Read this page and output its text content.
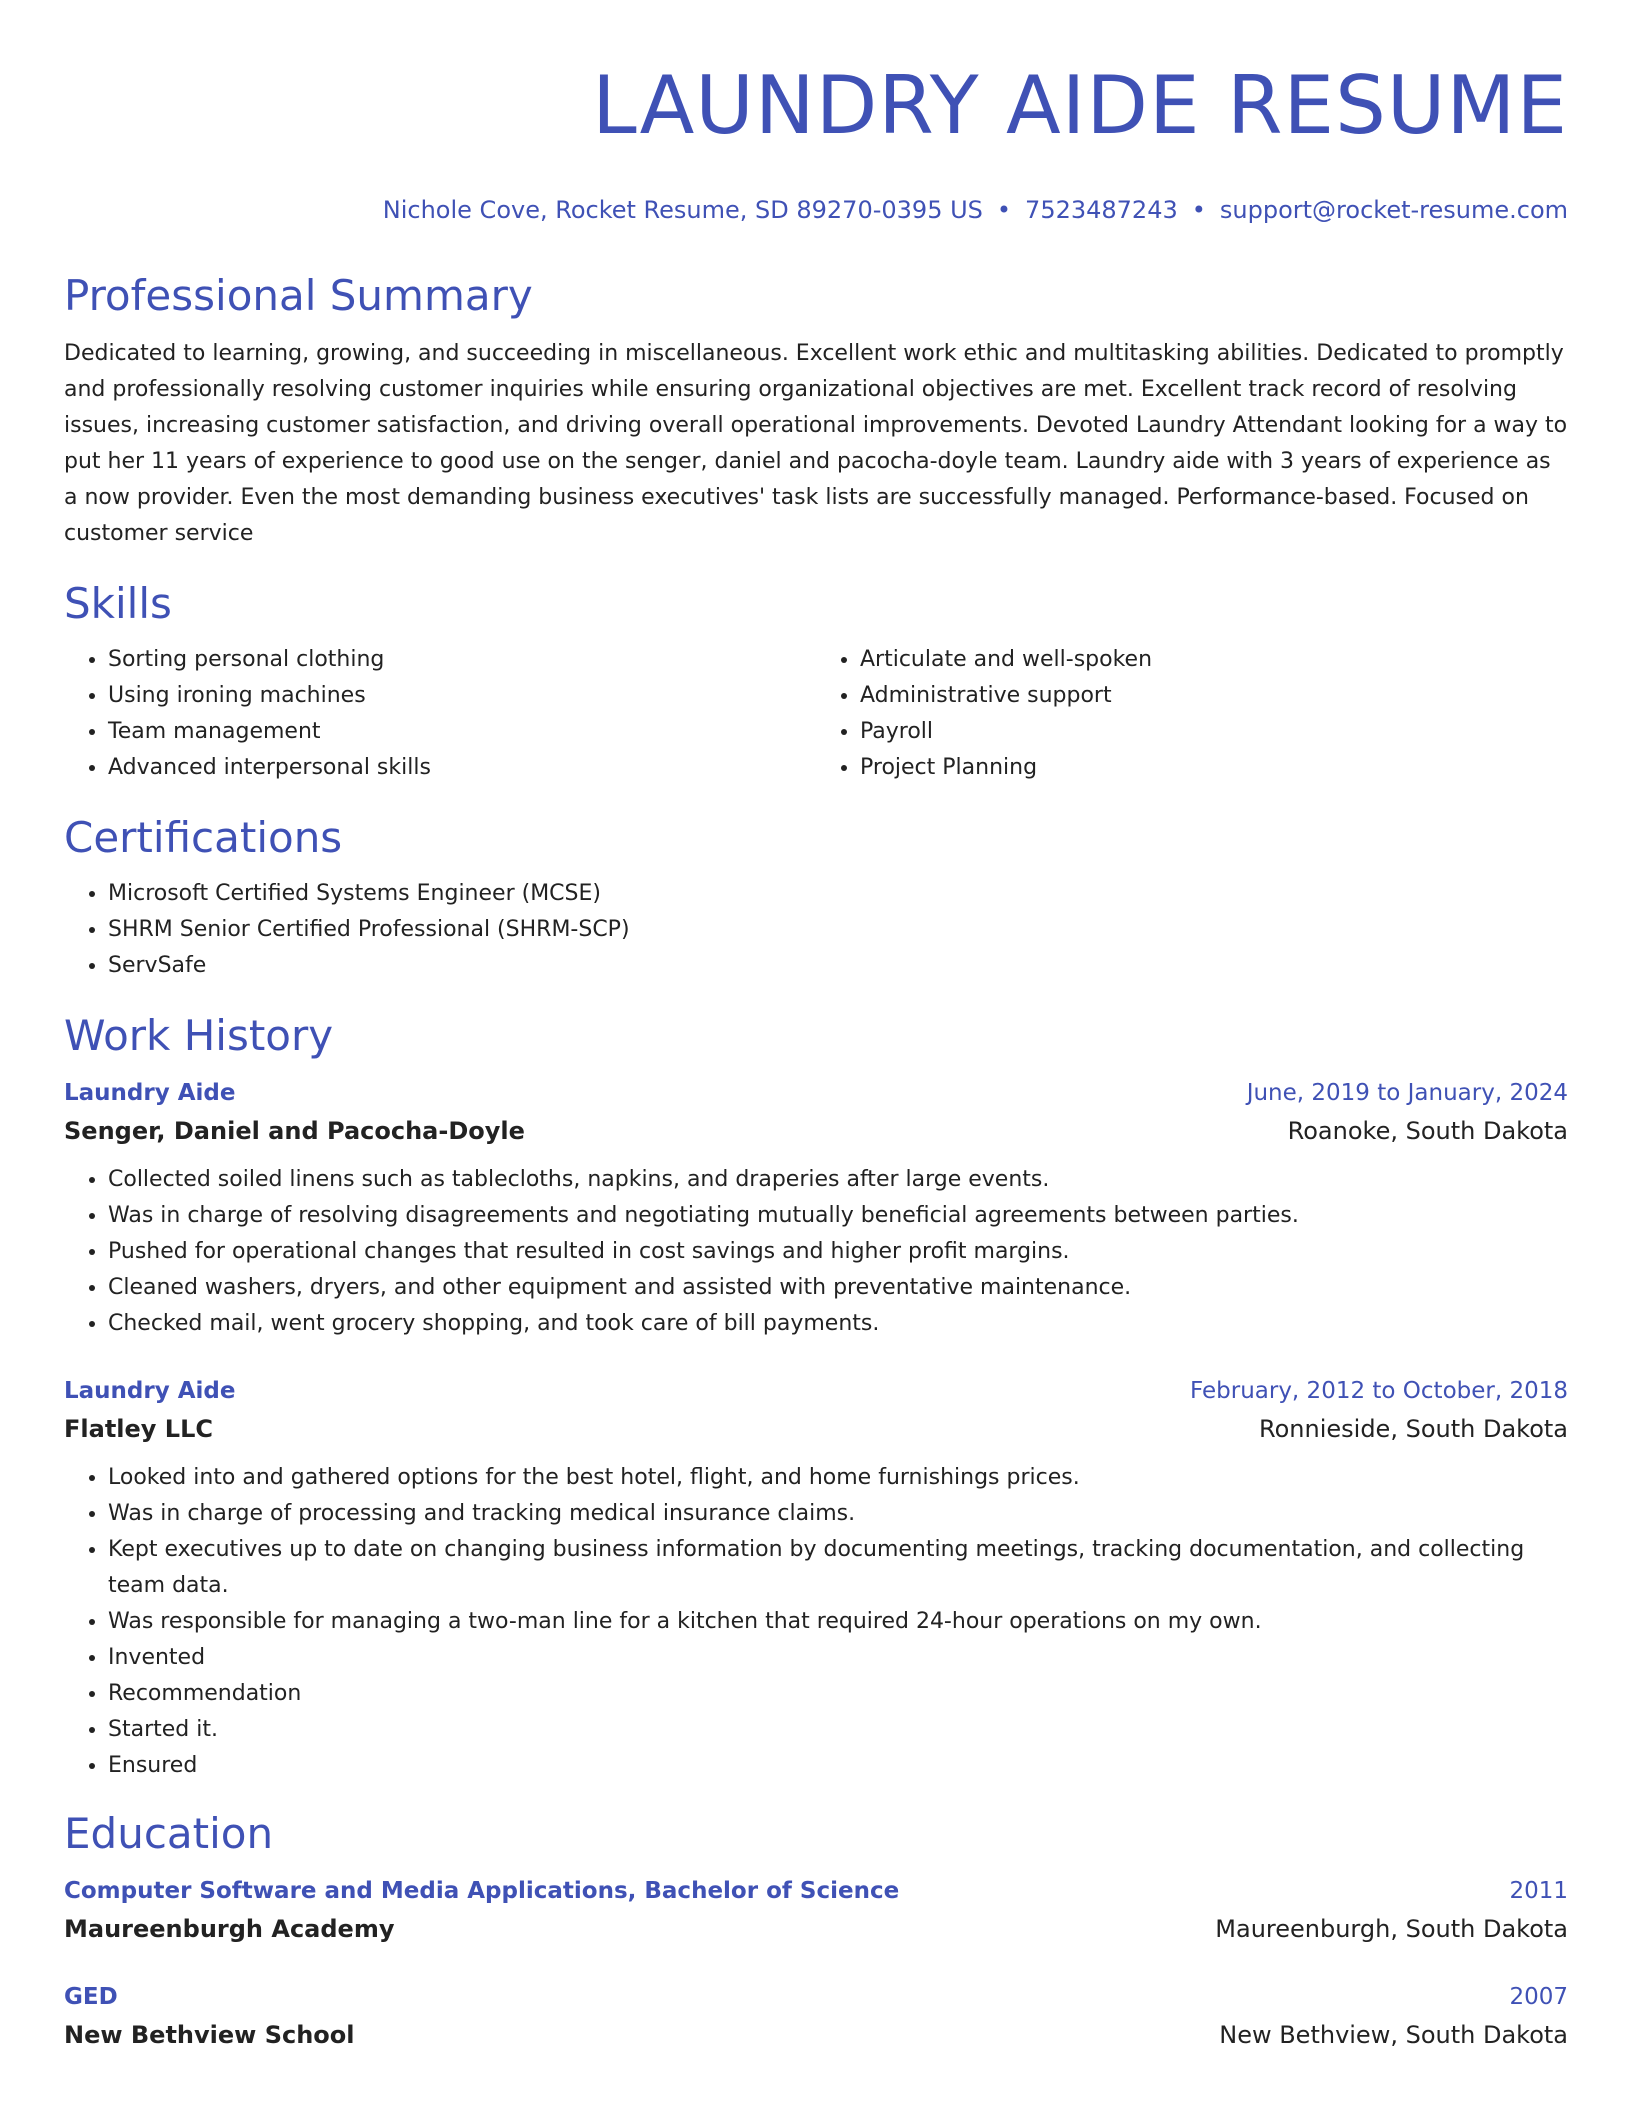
LAUNDRY AIDE RESUME
Nichole Cove, Rocket Resume, SD 89270-0395 US • 7523487243 • support@rocket-resume.com
Professional Summary

Dedicated to learning, growing, and succeeding in miscellaneous. Excellent work ethic and multitasking abilities. Dedicated to promptly and professionally resolving customer inquiries while ensuring organizational objectives are met. Excellent track record of resolving issues, increasing customer satisfaction, and driving overall operational improvements. Devoted Laundry Attendant looking for a way to put her 11 years of experience to good use on the senger, daniel and pacocha-doyle team. Laundry aide with 3 years of experience as a now provider. Even the most demanding business executives' task lists are successfully managed. Performance-based. Focused on customer service

Skills
• Sorting personal clothing
• Using ironing machines
• Team management
• Advanced interpersonal skills
• Articulate and well-spoken
• Administrative support
• Payroll
• Project Planning
Certifications
• Microsoft Certified Systems Engineer (MCSE)
• SHRM Senior Certified Professional (SHRM-SCP)
• ServSafe
Work History
Laundry Aide	June, 2019 to January, 2024
Senger, Daniel and Pacocha-Doyle	Roanoke, South Dakota
• Collected soiled linens such as tablecloths, napkins, and draperies after large events.
• Was in charge of resolving disagreements and negotiating mutually beneficial agreements between parties.
• Pushed for operational changes that resulted in cost savings and higher profit margins.
• Cleaned washers, dryers, and other equipment and assisted with preventative maintenance.
• Checked mail, went grocery shopping, and took care of bill payments.
Laundry Aide	February, 2012 to October, 2018
Flatley LLC	Ronnieside, South Dakota
• Looked into and gathered options for the best hotel, flight, and home furnishings prices.
• Was in charge of processing and tracking medical insurance claims.
• Kept executives up to date on changing business information by documenting meetings, tracking documentation, and collecting team data.
• Was responsible for managing a two-man line for a kitchen that required 24-hour operations on my own.
• Invented
• Recommendation
• Started it.
• Ensured
Education
Computer Software and Media Applications, Bachelor of Science	2011
Maureenburgh Academy	Maureenburgh, South Dakota
GED	2007
New Bethview School	New Bethview, South Dakota
